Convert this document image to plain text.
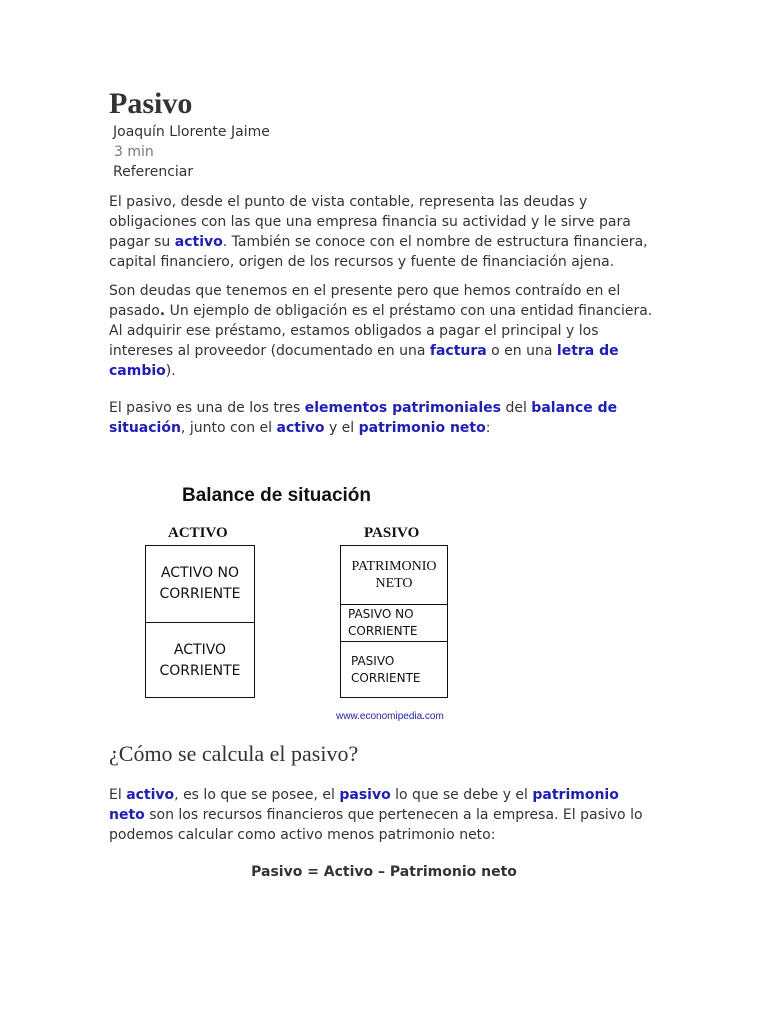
Pasivo
Joaquín Llorente Jaime
3 min
Referenciar

El pasivo, desde el punto de vista contable, representa las deudas y obligaciones con las que una empresa financia su actividad y le sirve para pagar su activo. También se conoce con el nombre de estructura financiera, capital financiero, origen de los recursos y fuente de financiación ajena.

Son deudas que tenemos en el presente pero que hemos contraído en el pasado. Un ejemplo de obligación es el préstamo con una entidad financiera. Al adquirir ese préstamo, estamos obligados a pagar el principal y los intereses al proveedor (documentado en una factura o en una letra de cambio).

El pasivo es una de los tres elementos patrimoniales del balance de situación, junto con el activo y el patrimonio neto:

Balance de situación
ACTIVO	PASIVO
ACTIVO NO CORRIENTE
ACTIVO CORRIENTE
PATRIMONIO NETO
PASIVO NO CORRIENTE
PASIVO CORRIENTE
www.economipedia.com
¿Cómo se calcula el pasivo?

El activo, es lo que se posee, el pasivo lo que se debe y el patrimonio neto son los recursos financieros que pertenecen a la empresa. El pasivo lo podemos calcular como activo menos patrimonio neto:

Pasivo = Activo – Patrimonio neto
